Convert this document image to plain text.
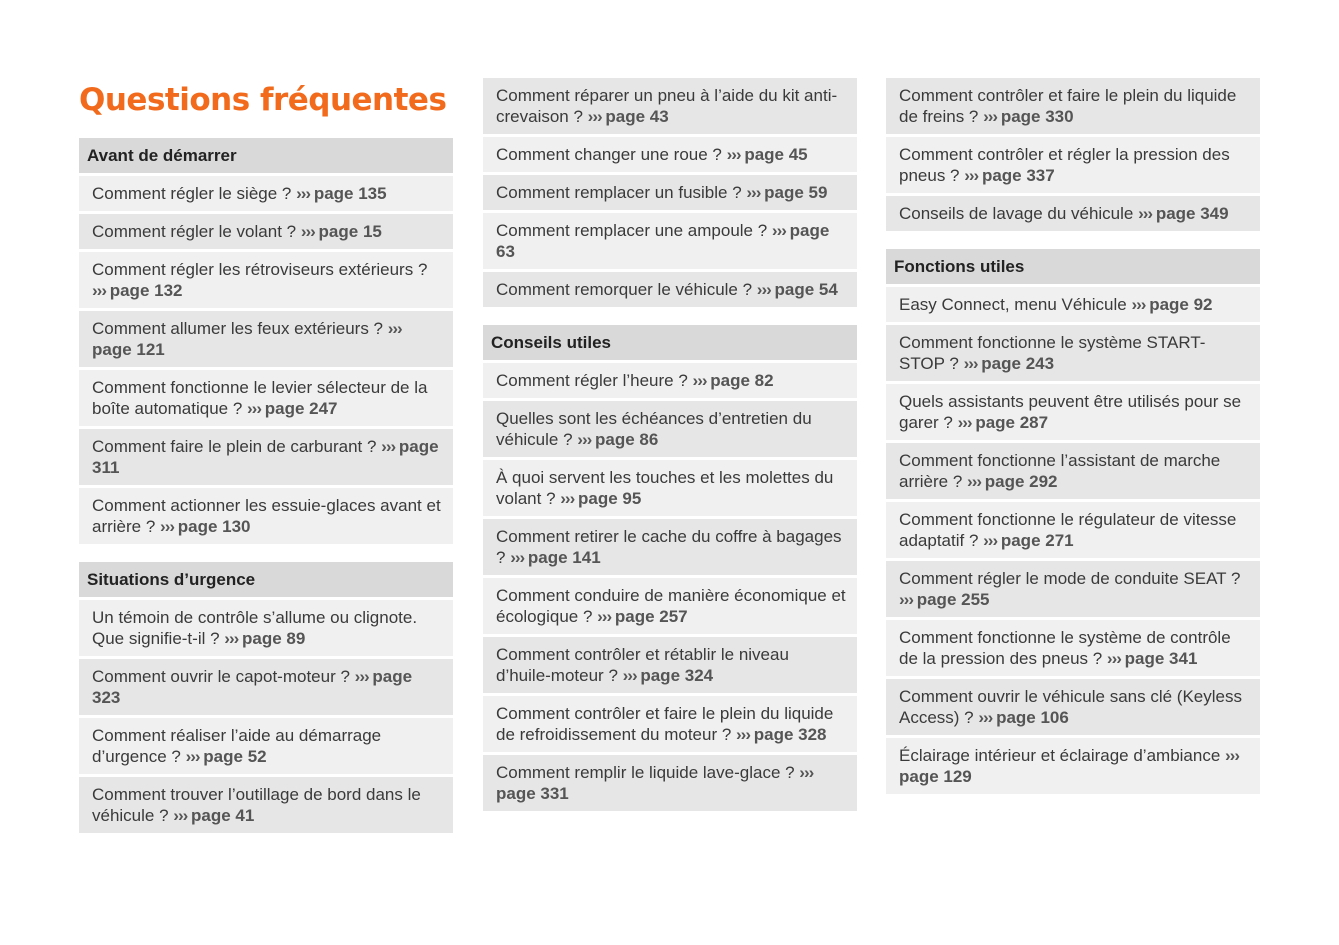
Questions fréquentes
Avant de démarrer
Comment régler le siège ? ››› page 135
Comment régler le volant ? ››› page 15
Comment régler les rétroviseurs extérieurs ? ››› page 132
Comment allumer les feux extérieurs ? ››› page 121
Comment fonctionne le levier sélecteur de la boîte automatique ? ››› page 247
Comment faire le plein de carburant ? ››› page 311
Comment actionner les essuie-glaces avant et arrière ? ››› page 130
Situations d’urgence
Un témoin de contrôle s’allume ou clignote. Que signifie-t-il ? ››› page 89
Comment ouvrir le capot-moteur ? ››› page 323
Comment réaliser l’aide au démarrage d’urgence ? ››› page 52
Comment trouver l’outillage de bord dans le véhicule ? ››› page 41
Comment réparer un pneu à l’aide du kit anti-crevaison ? ››› page 43
Comment changer une roue ? ››› page 45
Comment remplacer un fusible ? ››› page 59
Comment remplacer une ampoule ? ››› page 63
Comment remorquer le véhicule ? ››› page 54
Conseils utiles
Comment régler l’heure ? ››› page 82
Quelles sont les échéances d’entretien du véhicule ? ››› page 86
À quoi servent les touches et les molettes du volant ? ››› page 95
Comment retirer le cache du coffre à bagages ? ››› page 141
Comment conduire de manière économique et écologique ? ››› page 257
Comment contrôler et rétablir le niveau d’huile-moteur ? ››› page 324
Comment contrôler et faire le plein du liquide de refroidissement du moteur ? ››› page 328
Comment remplir le liquide lave-glace ? ››› page 331
Comment contrôler et faire le plein du liquide de freins ? ››› page 330
Comment contrôler et régler la pression des pneus ? ››› page 337
Conseils de lavage du véhicule ››› page 349
Fonctions utiles
Easy Connect, menu Véhicule ››› page 92
Comment fonctionne le système START-STOP ? ››› page 243
Quels assistants peuvent être utilisés pour se garer ? ››› page 287
Comment fonctionne l’assistant de marche arrière ? ››› page 292
Comment fonctionne le régulateur de vitesse adaptatif ? ››› page 271
Comment régler le mode de conduite SEAT ? ››› page 255
Comment fonctionne le système de contrôle de la pression des pneus ? ››› page 341
Comment ouvrir le véhicule sans clé (Keyless Access) ? ››› page 106
Éclairage intérieur et éclairage d’ambiance ››› page 129
